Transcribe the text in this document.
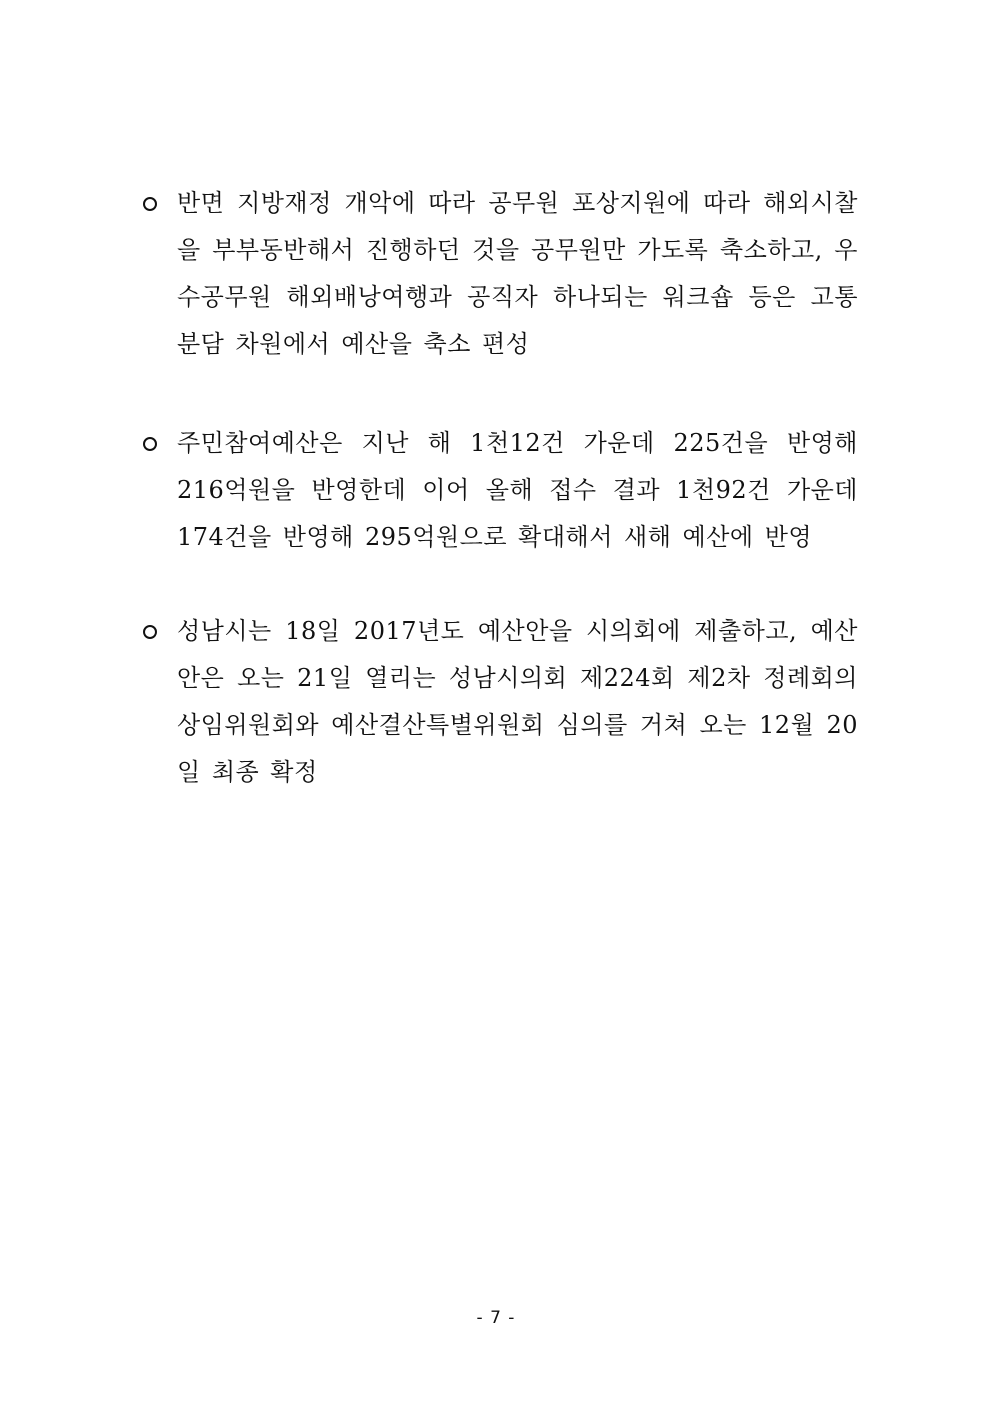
반면 지방재정 개악에 따라 공무원 포상지원에 따라 해외시찰을 부부동반해서 진행하던 것을 공무원만 가도록 축소하고, 우수공무원 해외배낭여행과 공직자 하나되는 워크숍 등은 고통분담 차원에서 예산을 축소 편성
주민참여예산은 지난 해 1천12건 가운데 225건을 반영해 216억원을 반영한데 이어 올해 접수 결과 1천92건 가운데 174건을 반영해 295억원으로 확대해서 새해 예산에 반영
성남시는 18일 2017년도 예산안을 시의회에 제출하고, 예산안은 오는 21일 열리는 성남시의회 제224회 제2차 정례회의 상임위원회와 예산결산특별위원회 심의를 거쳐 오는 12월 20일 최종 확정
- 7 -
